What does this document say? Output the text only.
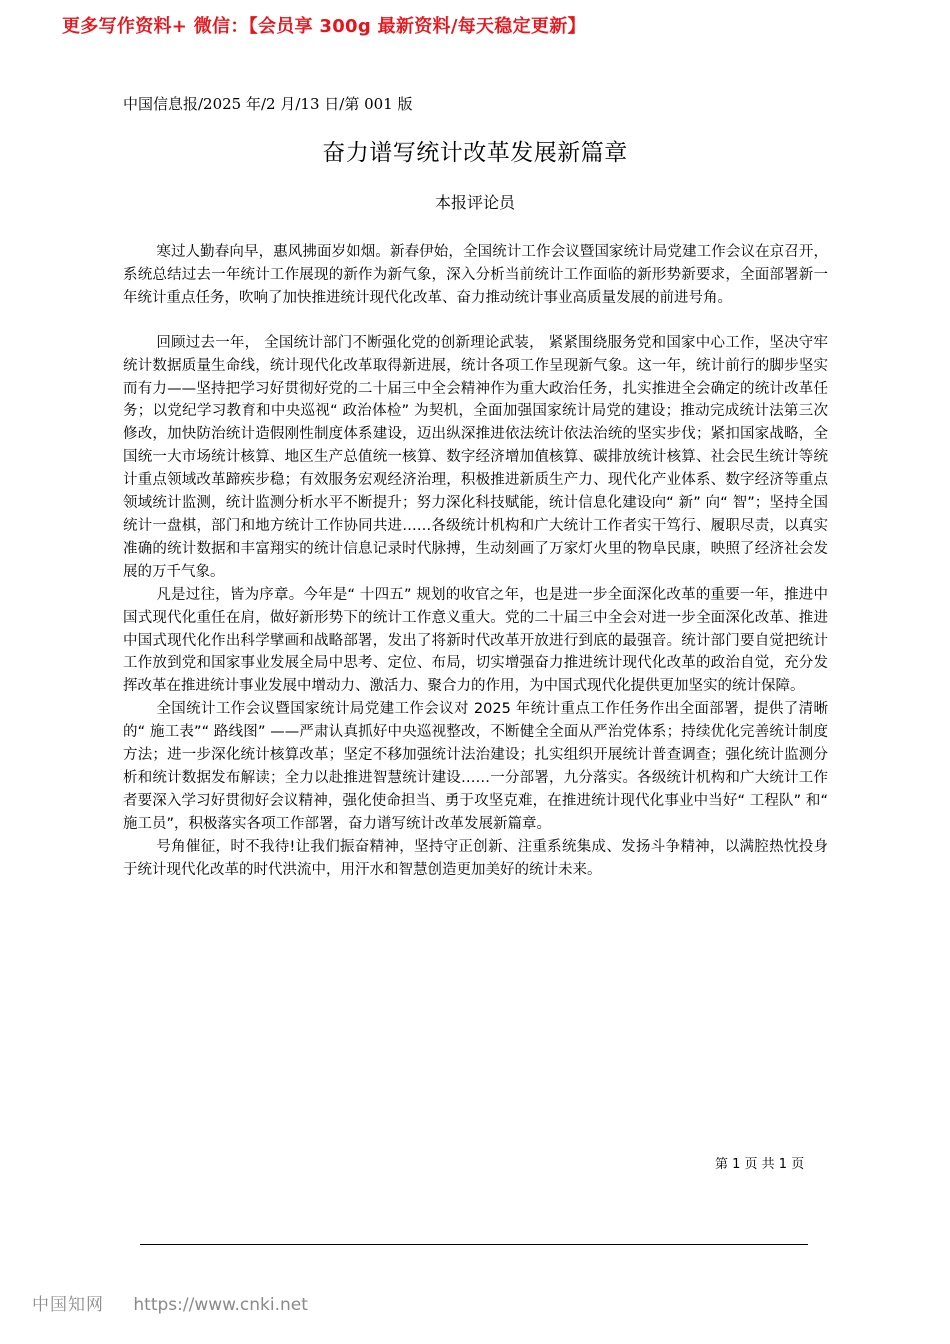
更多写作资料+ 微信：【会员享 300g 最新资料/每天稳定更新】
中国信息报/2025 年/2 月/13 日/第 001 版
奋力谱写统计改革发展新篇章
本报评论员

寒过人勤春向早，惠风拂面岁如烟。新春伊始，全国统计工作会议暨国家统计局党建工作会议在京召开，系统总结过去一年统计工作展现的新作为新气象，深入分析当前统计工作面临的新形势新要求，全面部署新一年统计重点任务，吹响了加快推进统计现代化改革、奋力推动统计事业高质量发展的前进号角。

回顾过去一年， 全国统计部门不断强化党的创新理论武装， 紧紧围绕服务党和国家中心工作，坚决守牢统计数据质量生命线，统计现代化改革取得新进展，统计各项工作呈现新气象。这一年，统计前行的脚步坚实而有力——坚持把学习好贯彻好党的二十届三中全会精神作为重大政治任务，扎实推进全会确定的统计改革任务；以党纪学习教育和中央巡视“ 政治体检” 为契机，全面加强国家统计局党的建设；推动完成统计法第三次修改，加快防治统计造假刚性制度体系建设，迈出纵深推进依法统计依法治统的坚实步伐；紧扣国家战略，全国统一大市场统计核算、地区生产总值统一核算、数字经济增加值核算、碳排放统计核算、社会民生统计等统计重点领域改革蹄疾步稳；有效服务宏观经济治理，积极推进新质生产力、现代化产业体系、数字经济等重点领域统计监测，统计监测分析水平不断提升；努力深化科技赋能，统计信息化建设向“ 新” 向“ 智”；坚持全国统计一盘棋，部门和地方统计工作协同共进……各级统计机构和广大统计工作者实干笃行、履职尽责，以真实准确的统计数据和丰富翔实的统计信息记录时代脉搏，生动刻画了万家灯火里的物阜民康，映照了经济社会发展的万千气象。

凡是过往，皆为序章。今年是“ 十四五” 规划的收官之年，也是进一步全面深化改革的重要一年，推进中国式现代化重任在肩，做好新形势下的统计工作意义重大。党的二十届三中全会对进一步全面深化改革、推进中国式现代化作出科学擘画和战略部署，发出了将新时代改革开放进行到底的最强音。统计部门要自觉把统计工作放到党和国家事业发展全局中思考、定位、布局，切实增强奋力推进统计现代化改革的政治自觉，充分发挥改革在推进统计事业发展中增动力、激活力、聚合力的作用，为中国式现代化提供更加坚实的统计保障。

全国统计工作会议暨国家统计局党建工作会议对 2025 年统计重点工作任务作出全面部署，提供了清晰的“ 施工表”“ 路线图” ——严肃认真抓好中央巡视整改，不断健全全面从严治党体系；持续优化完善统计制度方法；进一步深化统计核算改革；坚定不移加强统计法治建设；扎实组织开展统计普查调查；强化统计监测分析和统计数据发布解读；全力以赴推进智慧统计建设……一分部署，九分落实。各级统计机构和广大统计工作者要深入学习好贯彻好会议精神，强化使命担当、勇于攻坚克难，在推进统计现代化事业中当好“ 工程队” 和“ 施工员”，积极落实各项工作部署，奋力谱写统计改革发展新篇章。

号角催征，时不我待!让我们振奋精神，坚持守正创新、注重系统集成、发扬斗争精神，以满腔热忱投身于统计现代化改革的时代洪流中，用汗水和智慧创造更加美好的统计未来。

第 1 页 共 1 页
中国知网 https://www.cnki.net
